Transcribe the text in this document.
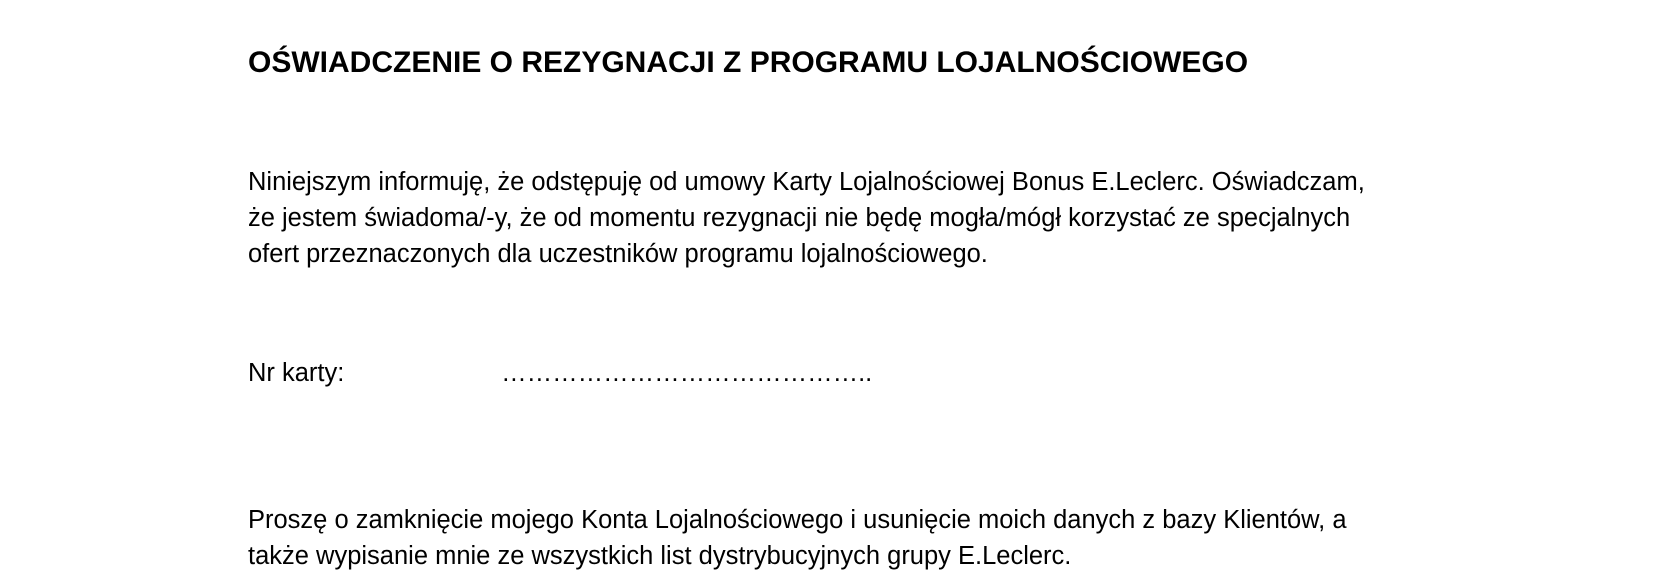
OŚWIADCZENIE O REZYGNACJI Z PROGRAMU LOJALNOŚCIOWEGO

Niniejszym informuję, że odstępuję od umowy Karty Lojalnościowej Bonus E.Leclerc. Oświadczam,
że jestem świadoma/-y, że od momentu rezygnacji nie będę mogła/mógł korzystać ze specjalnych
ofert przeznaczonych dla uczestników programu lojalnościowego.

Nr karty:	……………………………………..

Proszę o zamknięcie mojego Konta Lojalnościowego i usunięcie moich danych z bazy Klientów, a
także wypisanie mnie ze wszystkich list dystrybucyjnych grupy E.Leclerc.
